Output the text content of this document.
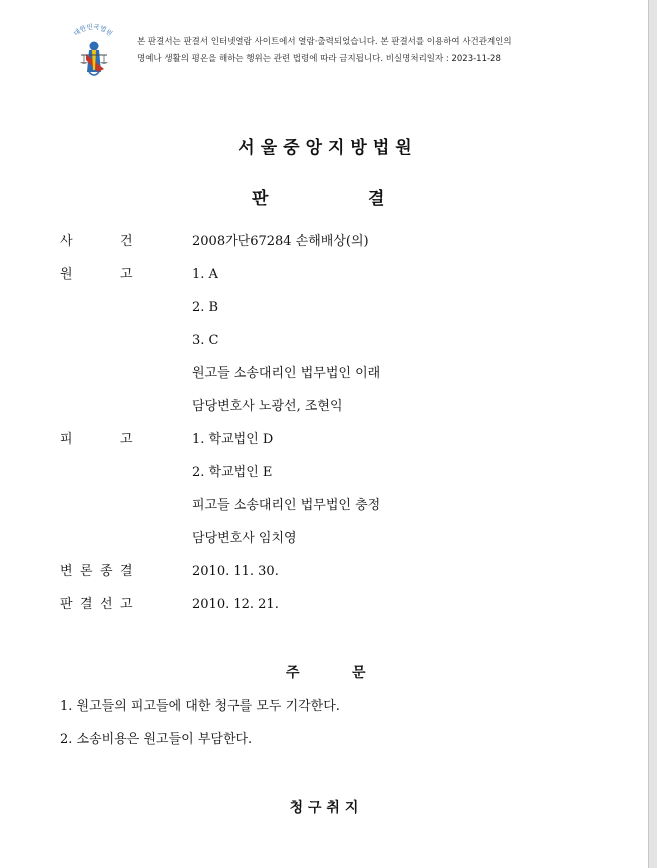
대한민국법원
본 판결서는 판결서 인터넷열람 사이트에서 열람·출력되었습니다. 본 판결서를 이용하여 사건관계인의
명예나 생활의 평온을 해하는 행위는 관련 법령에 따라 금지됩니다. 비실명처리일자 : 2023-11-28
서울중앙지방법원
판	결
사	건	2008가단67284 손해배상(의)
원	고	1. A
2. B
3. C
원고들 소송대리인 법무법인 이래
담당변호사 노광선, 조현익
피	고	1. 학교법인 D
2. 학교법인 E
피고들 소송대리인 법무법인 충정
담당변호사 임치영
변 론 종 결	2010. 11. 30.
판 결 선 고	2010. 12. 21.
주	문
1. 원고들의 피고들에 대한 청구를 모두 기각한다.
2. 소송비용은 원고들이 부담한다.
청 구 취 지
